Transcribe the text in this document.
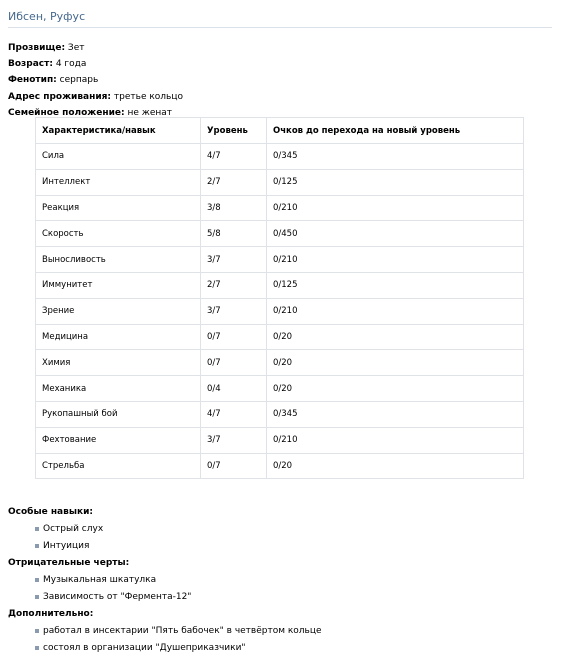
Ибсен, Руфус
Прозвище: Зет
Возраст: 4 года
Фенотип: серпарь
Адрес проживания: третье кольцо
Семейное положение: не женат
Характеристика/навык	Уровень	Очков до перехода на новый уровень
Сила	4/7	0/345
Интеллект	2/7	0/125
Реакция	3/8	0/210
Скорость	5/8	0/450
Выносливость	3/7	0/210
Иммунитет	2/7	0/125
Зрение	3/7	0/210
Медицина	0/7	0/20
Химия	0/7	0/20
Механика	0/4	0/20
Рукопашный бой	4/7	0/345
Фехтование	3/7	0/210
Стрельба	0/7	0/20
Особые навыки:
Острый слух
Интуиция
Отрицательные черты:
Музыкальная шкатулка
Зависимость от "Фермента-12"
Дополнительно:
работал в инсектарии "Пять бабочек" в четвёртом кольце
состоял в организации "Душеприказчики"
